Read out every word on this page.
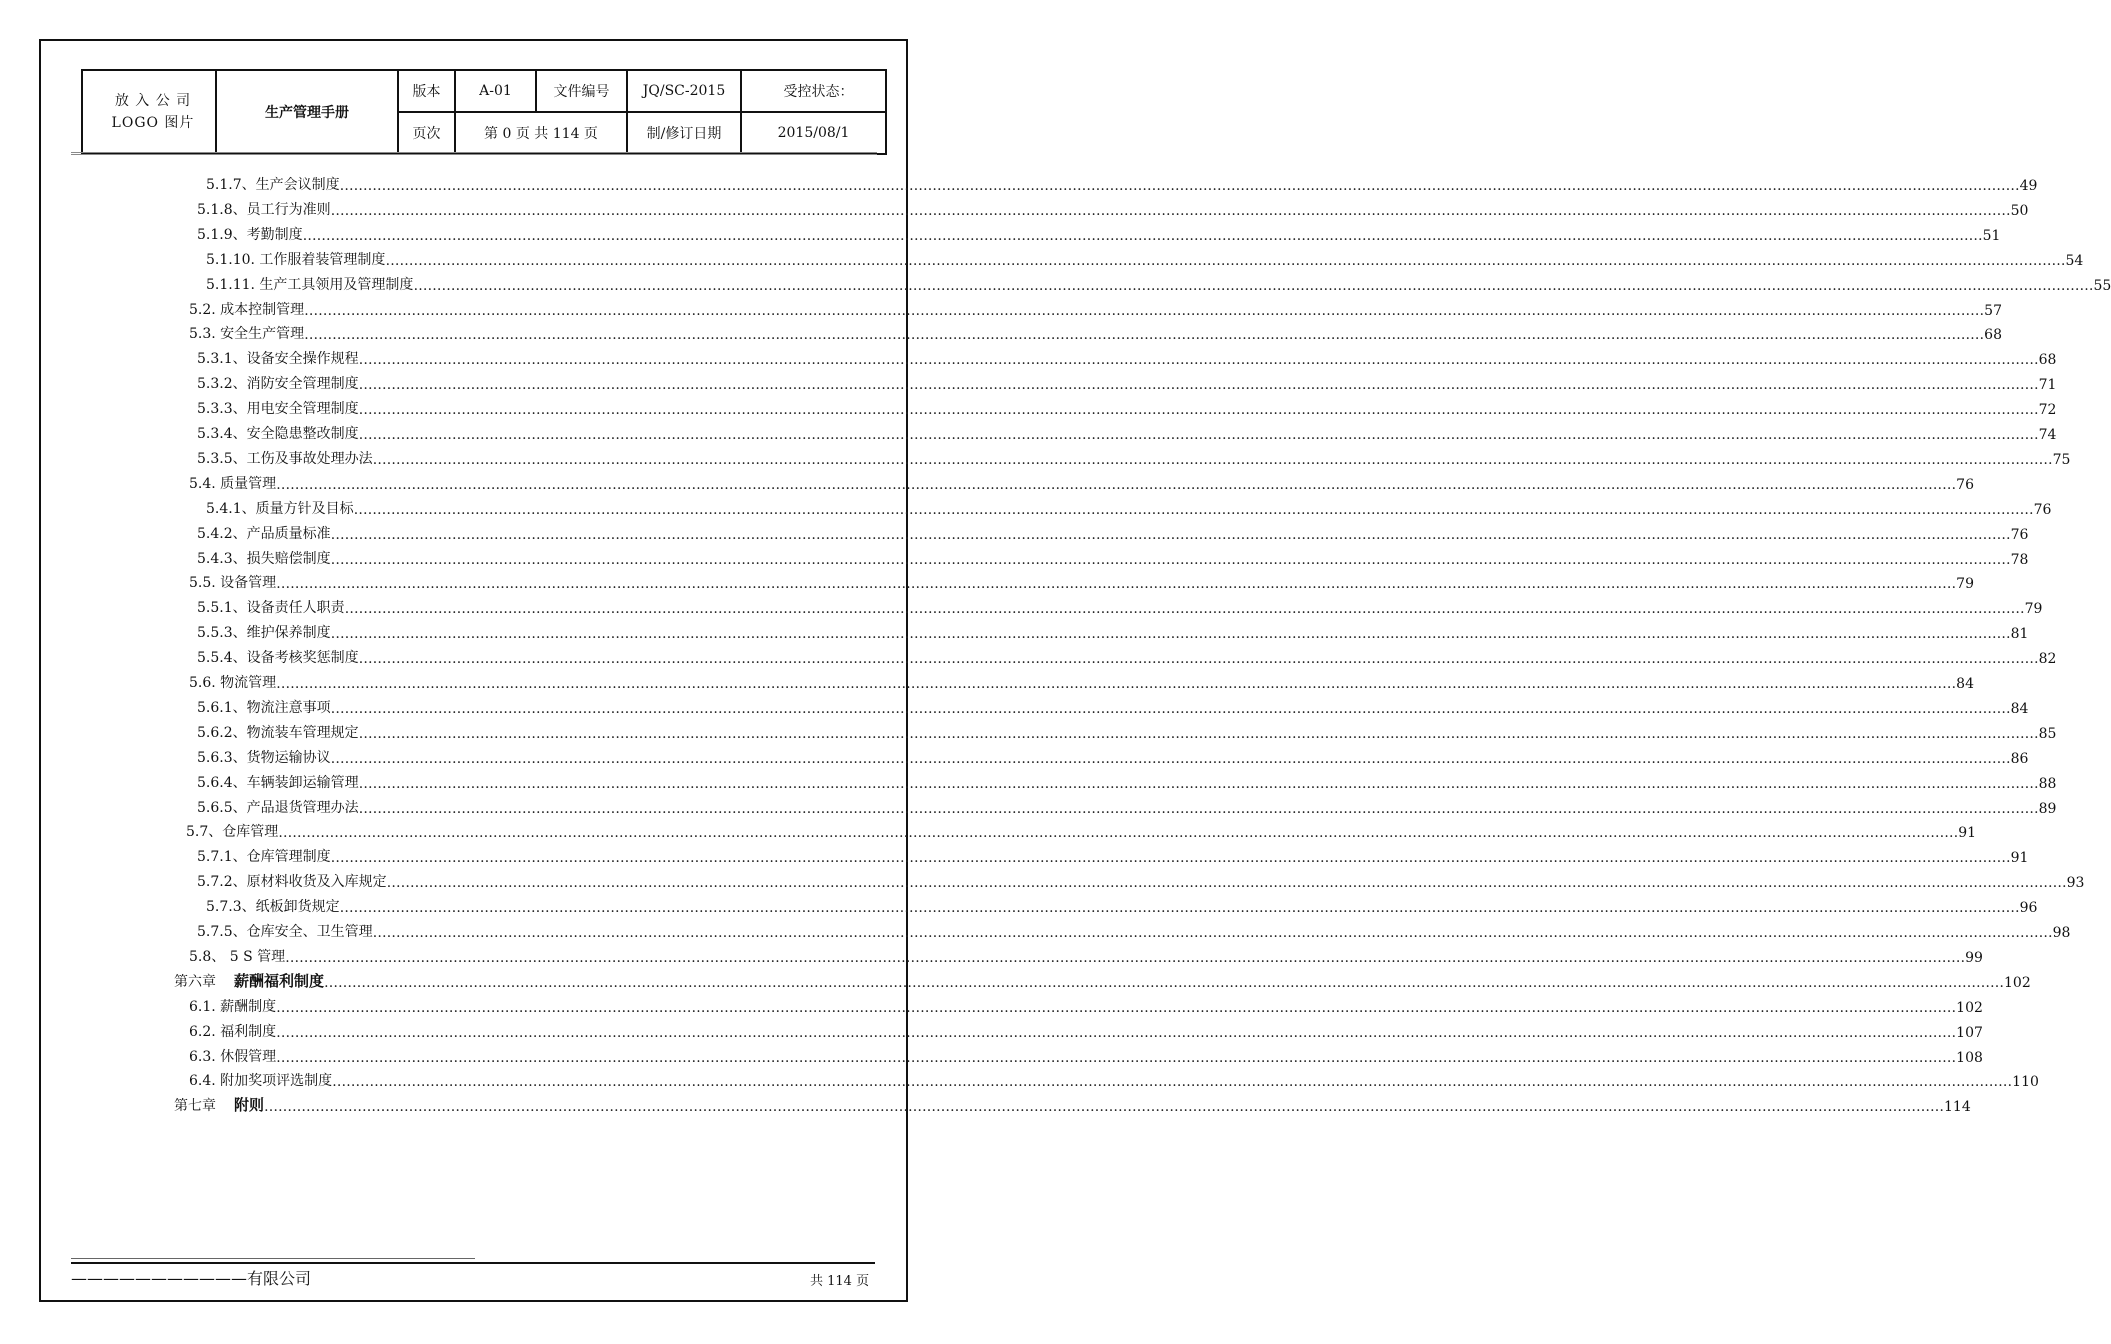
放 入 公 司
LOGO 图片	生产管理手册	版本	A-01	文件编号	JQ/SC-2015	受控状态：
		页次	第 0 页 共 114 页		制/修订日期	2015/08/1
5.1.7、生产会议制度 ……………………………………………………………………………………………………………………………………………………………………………………………………………………………………………………………………………………………………………………………… 49
5.1.8、员工行为准则 ……………………………………………………………………………………………………………………………………………………………………………………………………………………………………………………………………………………………………………………………… 50
5.1.9、考勤制度 ……………………………………………………………………………………………………………………………………………………………………………………………………………………………………………………………………………………………………………………………… 51
5.1.10. 工作服着装管理制度 ……………………………………………………………………………………………………………………………………………………………………………………………………………………………………………………………………………………………………………………………… 54
5.1.11. 生产工具领用及管理制度 ……………………………………………………………………………………………………………………………………………………………………………………………………………………………………………………………………………………………………………………………… 55
5.2. 成本控制管理 ……………………………………………………………………………………………………………………………………………………………………………………………………………………………………………………………………………………………………………………………… 57
5.3. 安全生产管理 ……………………………………………………………………………………………………………………………………………………………………………………………………………………………………………………………………………………………………………………………… 68
5.3.1、设备安全操作规程 ……………………………………………………………………………………………………………………………………………………………………………………………………………………………………………………………………………………………………………………………… 68
5.3.2、消防安全管理制度 ……………………………………………………………………………………………………………………………………………………………………………………………………………………………………………………………………………………………………………………………… 71
5.3.3、用电安全管理制度 ……………………………………………………………………………………………………………………………………………………………………………………………………………………………………………………………………………………………………………………………… 72
5.3.4、安全隐患整改制度 ……………………………………………………………………………………………………………………………………………………………………………………………………………………………………………………………………………………………………………………………… 74
5.3.5、工伤及事故处理办法 ……………………………………………………………………………………………………………………………………………………………………………………………………………………………………………………………………………………………………………………………… 75
5.4. 质量管理 ……………………………………………………………………………………………………………………………………………………………………………………………………………………………………………………………………………………………………………………………… 76
5.4.1、质量方针及目标 ……………………………………………………………………………………………………………………………………………………………………………………………………………………………………………………………………………………………………………………………… 76
5.4.2、产品质量标准 ……………………………………………………………………………………………………………………………………………………………………………………………………………………………………………………………………………………………………………………………… 76
5.4.3、损失赔偿制度 ……………………………………………………………………………………………………………………………………………………………………………………………………………………………………………………………………………………………………………………………… 78
5.5. 设备管理 ……………………………………………………………………………………………………………………………………………………………………………………………………………………………………………………………………………………………………………………………… 79
5.5.1、设备责任人职责 ……………………………………………………………………………………………………………………………………………………………………………………………………………………………………………………………………………………………………………………………… 79
5.5.3、维护保养制度 ……………………………………………………………………………………………………………………………………………………………………………………………………………………………………………………………………………………………………………………………… 81
5.5.4、设备考核奖惩制度 ……………………………………………………………………………………………………………………………………………………………………………………………………………………………………………………………………………………………………………………………… 82
5.6. 物流管理 ……………………………………………………………………………………………………………………………………………………………………………………………………………………………………………………………………………………………………………………………… 84
5.6.1、物流注意事项 ……………………………………………………………………………………………………………………………………………………………………………………………………………………………………………………………………………………………………………………………… 84
5.6.2、物流装车管理规定 ……………………………………………………………………………………………………………………………………………………………………………………………………………………………………………………………………………………………………………………………… 85
5.6.3、货物运输协议 ……………………………………………………………………………………………………………………………………………………………………………………………………………………………………………………………………………………………………………………………… 86
5.6.4、车辆装卸运输管理 ……………………………………………………………………………………………………………………………………………………………………………………………………………………………………………………………………………………………………………………………… 88
5.6.5、产品退货管理办法 ……………………………………………………………………………………………………………………………………………………………………………………………………………………………………………………………………………………………………………………………… 89
5.7、仓库管理 ……………………………………………………………………………………………………………………………………………………………………………………………………………………………………………………………………………………………………………………………… 91
5.7.1、仓库管理制度 ……………………………………………………………………………………………………………………………………………………………………………………………………………………………………………………………………………………………………………………………… 91
5.7.2、原材料收货及入库规定 ……………………………………………………………………………………………………………………………………………………………………………………………………………………………………………………………………………………………………………………………… 93
5.7.3、纸板卸货规定 ……………………………………………………………………………………………………………………………………………………………………………………………………………………………………………………………………………………………………………………………… 96
5.7.5、仓库安全、卫生管理 ……………………………………………………………………………………………………………………………………………………………………………………………………………………………………………………………………………………………………………………………… 98
5.8、 5 S 管理 ……………………………………………………………………………………………………………………………………………………………………………………………………………………………………………………………………………………………………………………………… 99
第六章 薪酬福利制度 ……………………………………………………………………………………………………………………………………………………………………………………………………………………………………………………………………………………………………………………………… 102
6.1. 薪酬制度 ……………………………………………………………………………………………………………………………………………………………………………………………………………………………………………………………………………………………………………………………… 102
6.2. 福利制度 ……………………………………………………………………………………………………………………………………………………………………………………………………………………………………………………………………………………………………………………………… 107
6.3. 休假管理 ……………………………………………………………………………………………………………………………………………………………………………………………………………………………………………………………………………………………………………………………… 108
6.4. 附加奖项评选制度 ……………………………………………………………………………………………………………………………………………………………………………………………………………………………………………………………………………………………………………………………… 110
第七章 附则 ……………………………………………………………………………………………………………………………………………………………………………………………………………………………………………………………………………………………………………………………… 114
———————————有限公司	共 114 页
